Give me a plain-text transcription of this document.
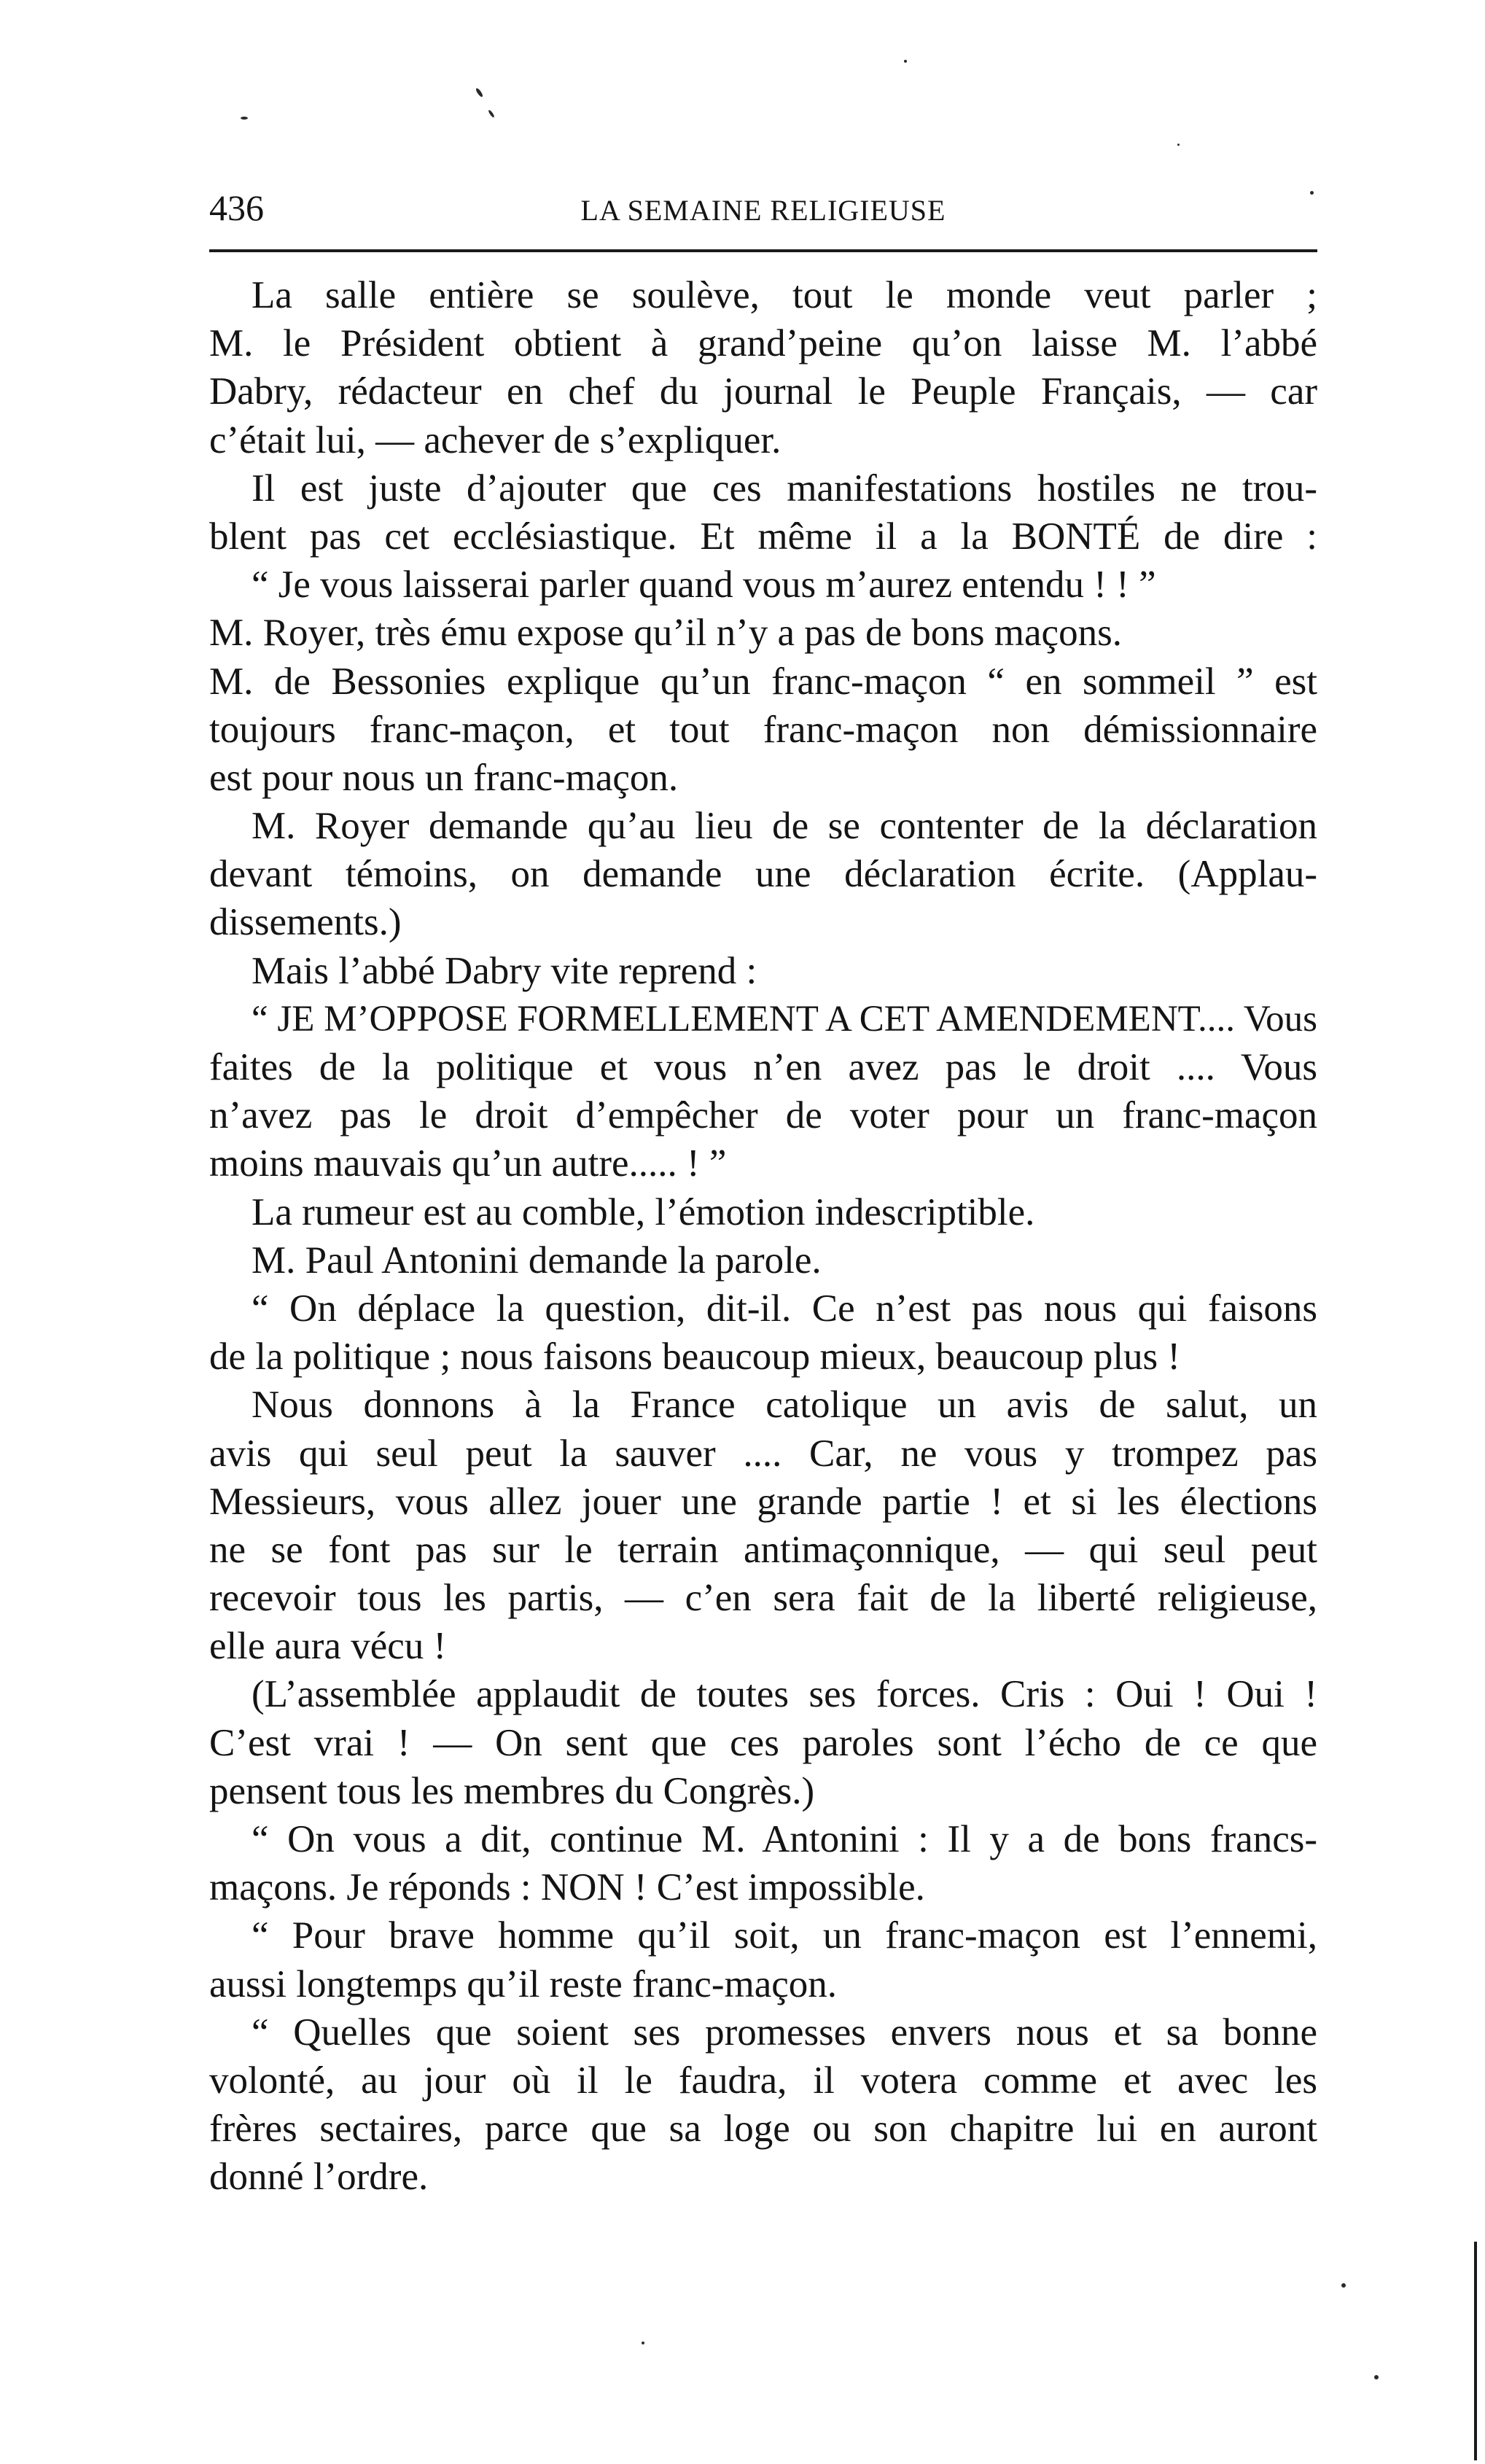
436	LA SEMAINE RELIGIEUSE
La salle entière se soulève, tout le monde veut parler ;
M. le Président obtient à grand’peine qu’on laisse M. l’abbé
Dabry, rédacteur en chef du journal le Peuple Français, — car
c’était lui, — achever de s’expliquer.
Il est juste d’ajouter que ces manifestations hostiles ne trou-
blent pas cet ecclésiastique. Et même il a la BONTÉ de dire :
“ Je vous laisserai parler quand vous m’aurez entendu ! ! ”
M. Royer, très ému expose qu’il n’y a pas de bons maçons.
M. de Bessonies explique qu’un franc-maçon “ en sommeil ” est
toujours franc-maçon, et tout franc-maçon non démissionnaire
est pour nous un franc-maçon.
M. Royer demande qu’au lieu de se contenter de la déclaration
devant témoins, on demande une déclaration écrite. (Applau-
dissements.)
Mais l’abbé Dabry vite reprend :
“ JE M’OPPOSE FORMELLEMENT A CET AMENDEMENT.... Vous
faites de la politique et vous n’en avez pas le droit .... Vous
n’avez pas le droit d’empêcher de voter pour un franc-maçon
moins mauvais qu’un autre..... ! ”
La rumeur est au comble, l’émotion indescriptible.
M. Paul Antonini demande la parole.
“ On déplace la question, dit-il. Ce n’est pas nous qui faisons
de la politique ; nous faisons beaucoup mieux, beaucoup plus !
Nous donnons à la France catolique un avis de salut, un
avis qui seul peut la sauver .... Car, ne vous y trompez pas
Messieurs, vous allez jouer une grande partie ! et si les élections
ne se font pas sur le terrain antimaçonnique, — qui seul peut
recevoir tous les partis, — c’en sera fait de la liberté religieuse,
elle aura vécu !
(L’assemblée applaudit de toutes ses forces. Cris : Oui ! Oui !
C’est vrai ! — On sent que ces paroles sont l’écho de ce que
pensent tous les membres du Congrès.)
“ On vous a dit, continue M. Antonini : Il y a de bons francs-
maçons. Je réponds : NON ! C’est impossible.
“ Pour brave homme qu’il soit, un franc-maçon est l’ennemi,
aussi longtemps qu’il reste franc-maçon.
“ Quelles que soient ses promesses envers nous et sa bonne
volonté, au jour où il le faudra, il votera comme et avec les
frères sectaires, parce que sa loge ou son chapitre lui en auront
donné l’ordre.
